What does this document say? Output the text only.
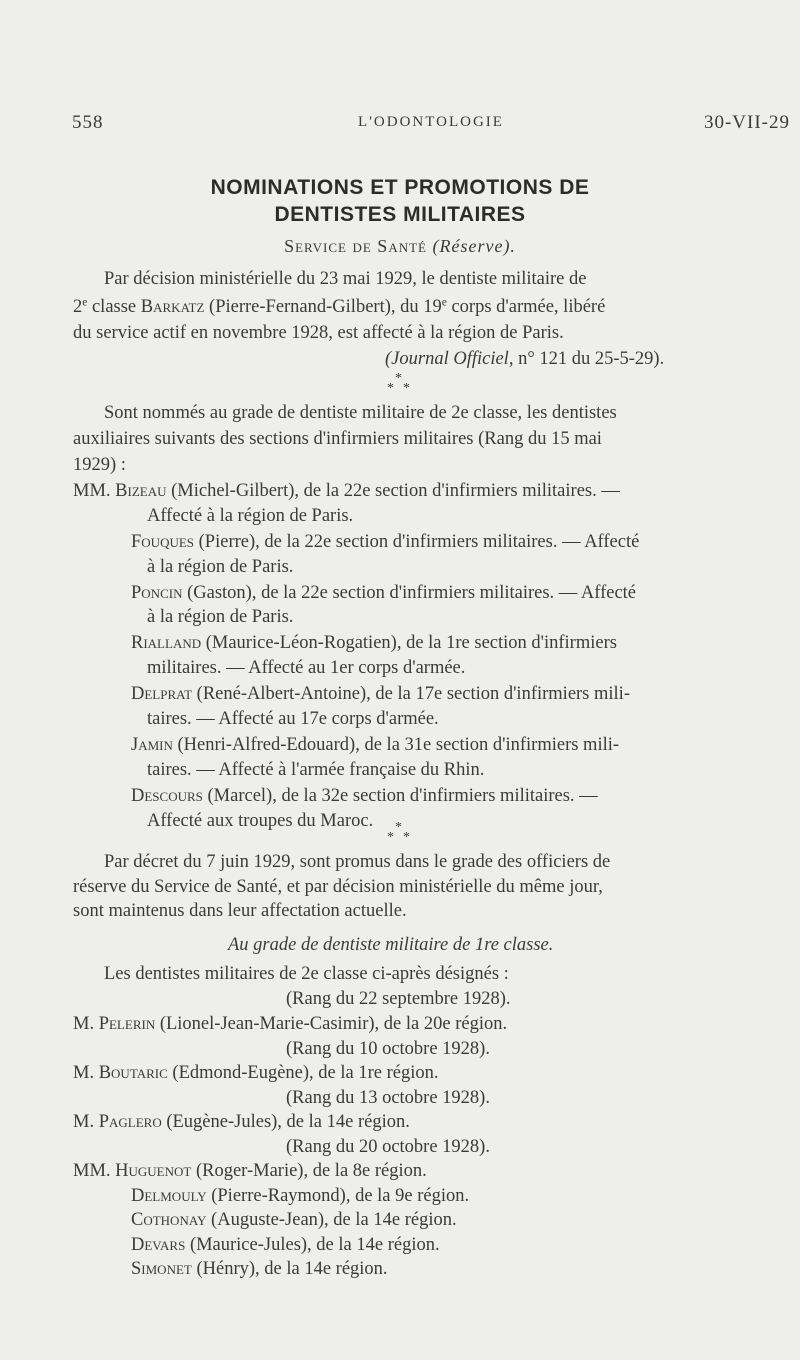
558	L'ODONTOLOGIE	30-VII-29
NOMINATIONS ET PROMOTIONS DE
DENTISTES MILITAIRES
Service de Santé (Réserve).
Par décision ministérielle du 23 mai 1929, le dentiste militaire de
2e classe Barkatz (Pierre-Fernand-Gilbert), du 19e corps d'armée, libéré
du service actif en novembre 1928, est affecté à la région de Paris.
(Journal Officiel, n° 121 du 25-5-29).
*
* *
Sont nommés au grade de dentiste militaire de 2e classe, les dentistes
auxiliaires suivants des sections d'infirmiers militaires (Rang du 15 mai
1929) :
MM. Bizeau (Michel-Gilbert), de la 22e section d'infirmiers militaires. —
Affecté à la région de Paris.
Fouques (Pierre), de la 22e section d'infirmiers militaires. — Affecté
à la région de Paris.
Poncin (Gaston), de la 22e section d'infirmiers militaires. — Affecté
à la région de Paris.
Rialland (Maurice-Léon-Rogatien), de la 1re section d'infirmiers
militaires. — Affecté au 1er corps d'armée.
Delprat (René-Albert-Antoine), de la 17e section d'infirmiers mili-
taires. — Affecté au 17e corps d'armée.
Jamin (Henri-Alfred-Edouard), de la 31e section d'infirmiers mili-
taires. — Affecté à l'armée française du Rhin.
Descours (Marcel), de la 32e section d'infirmiers militaires. —
Affecté aux troupes du Maroc. *
* *
Par décret du 7 juin 1929, sont promus dans le grade des officiers de
réserve du Service de Santé, et par décision ministérielle du même jour,
sont maintenus dans leur affectation actuelle.
Au grade de dentiste militaire de 1re classe.
Les dentistes militaires de 2e classe ci-après désignés :
(Rang du 22 septembre 1928).
M. Pelerin (Lionel-Jean-Marie-Casimir), de la 20e région.
(Rang du 10 octobre 1928).
M. Boutaric (Edmond-Eugène), de la 1re région.
(Rang du 13 octobre 1928).
M. Paglero (Eugène-Jules), de la 14e région.
(Rang du 20 octobre 1928).
MM. Huguenot (Roger-Marie), de la 8e région.
Delmouly (Pierre-Raymond), de la 9e région.
Cothonay (Auguste-Jean), de la 14e région.
Devars (Maurice-Jules), de la 14e région.
Simonet (Hénry), de la 14e région.
